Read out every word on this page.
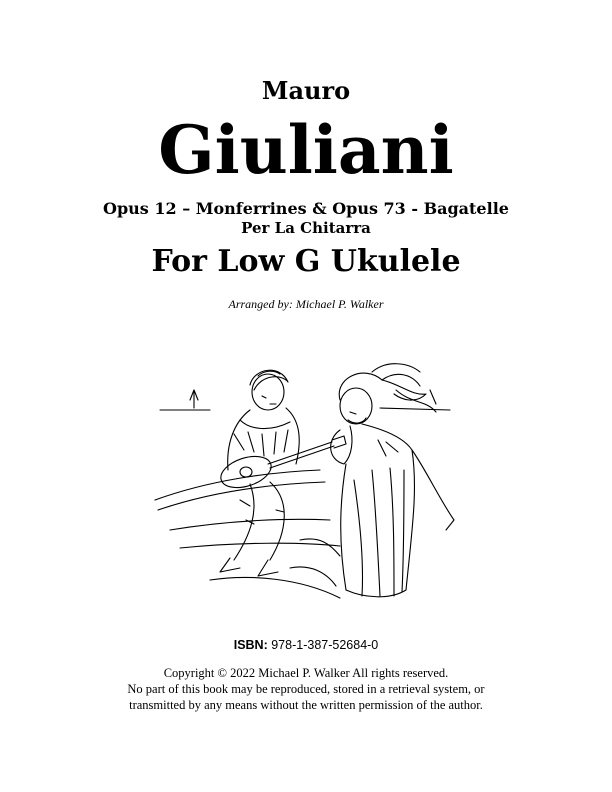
Mauro
Giuliani
Opus 12 – Monferrines & Opus 73 - Bagatelle
Per La Chitarra
For Low G Ukulele
Arranged by: Michael P. Walker
ISBN: 978-1-387-52684-0
Copyright © 2022 Michael P. Walker All rights reserved.
No part of this book may be reproduced, stored in a retrieval system, or
transmitted by any means without the written permission of the author.
